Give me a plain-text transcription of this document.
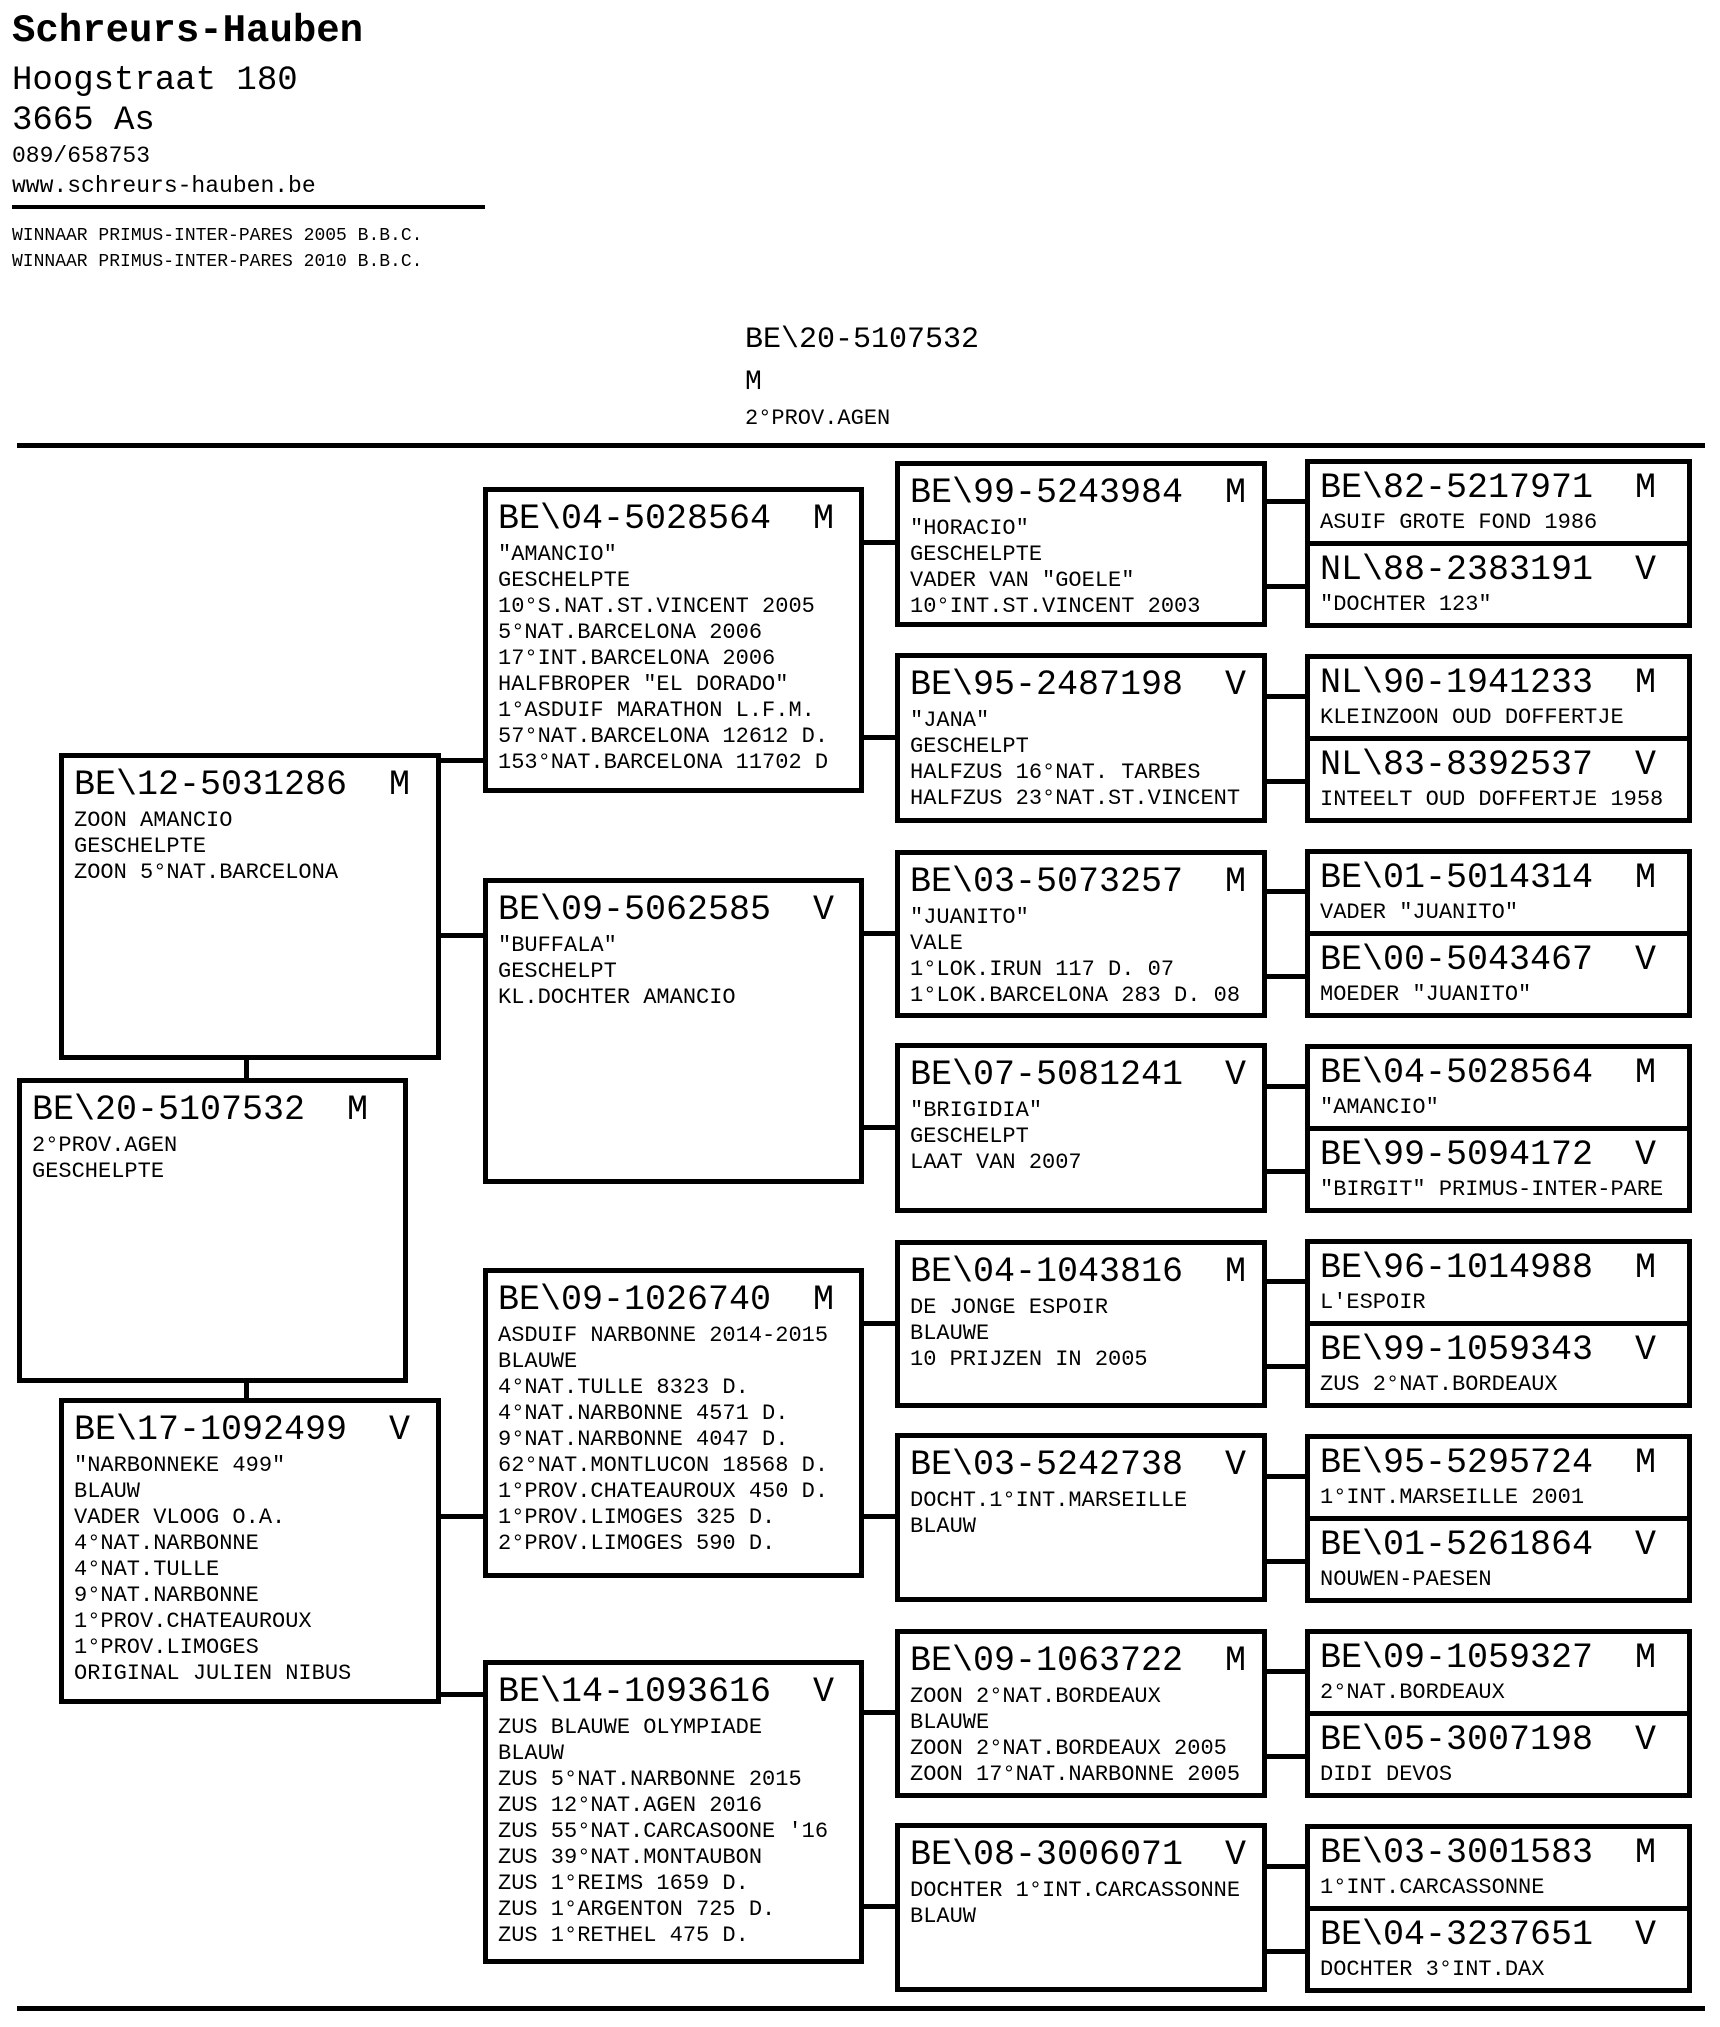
Schreurs-Hauben
Hoogstraat 180
3665 As
089/658753
www.schreurs-hauben.be
WINNAAR PRIMUS-INTER-PARES 2005 B.B.C.
WINNAAR PRIMUS-INTER-PARES 2010 B.B.C.
BE\20-5107532
M
2°PROV.AGEN
BE\20-5107532  M
2°PROV.AGEN
GESCHELPTE
BE\12-5031286  M
ZOON AMANCIO
GESCHELPTE
ZOON 5°NAT.BARCELONA
BE\17-1092499  V
"NARBONNEKE 499"
BLAUW
VADER VLOOG O.A.
4°NAT.NARBONNE
4°NAT.TULLE
9°NAT.NARBONNE
1°PROV.CHATEAUROUX
1°PROV.LIMOGES
ORIGINAL JULIEN NIBUS
BE\04-5028564  M
"AMANCIO"
GESCHELPTE
10°S.NAT.ST.VINCENT 2005
5°NAT.BARCELONA 2006
17°INT.BARCELONA 2006
HALFBROPER "EL DORADO"
1°ASDUIF MARATHON L.F.M.
57°NAT.BARCELONA 12612 D.
153°NAT.BARCELONA 11702 D
BE\09-5062585  V
"BUFFALA"
GESCHELPT
KL.DOCHTER AMANCIO
BE\09-1026740  M
ASDUIF NARBONNE 2014-2015
BLAUWE
4°NAT.TULLE 8323 D.
4°NAT.NARBONNE 4571 D.
9°NAT.NARBONNE 4047 D.
62°NAT.MONTLUCON 18568 D.
1°PROV.CHATEAUROUX 450 D.
1°PROV.LIMOGES 325 D.
2°PROV.LIMOGES 590 D.
BE\14-1093616  V
ZUS BLAUWE OLYMPIADE
BLAUW
ZUS 5°NAT.NARBONNE 2015
ZUS 12°NAT.AGEN 2016
ZUS 55°NAT.CARCASOONE '16
ZUS 39°NAT.MONTAUBON
ZUS 1°REIMS 1659 D.
ZUS 1°ARGENTON 725 D.
ZUS 1°RETHEL 475 D.
BE\99-5243984  M
"HORACIO"
GESCHELPTE
VADER VAN "GOELE"
10°INT.ST.VINCENT 2003
BE\95-2487198  V
"JANA"
GESCHELPT
HALFZUS 16°NAT. TARBES
HALFZUS 23°NAT.ST.VINCENT
BE\03-5073257  M
"JUANITO"
VALE
1°LOK.IRUN 117 D. 07
1°LOK.BARCELONA 283 D. 08
BE\07-5081241  V
"BRIGIDIA"
GESCHELPT
LAAT VAN 2007
BE\04-1043816  M
DE JONGE ESPOIR
BLAUWE
10 PRIJZEN IN 2005
BE\03-5242738  V
DOCHT.1°INT.MARSEILLE
BLAUW
BE\09-1063722  M
ZOON 2°NAT.BORDEAUX
BLAUWE
ZOON 2°NAT.BORDEAUX 2005
ZOON 17°NAT.NARBONNE 2005
BE\08-3006071  V
DOCHTER 1°INT.CARCASSONNE
BLAUW
BE\82-5217971  M
ASUIF GROTE FOND 1986
NL\88-2383191  V
"DOCHTER 123"
NL\90-1941233  M
KLEINZOON OUD DOFFERTJE
NL\83-8392537  V
INTEELT OUD DOFFERTJE 1958
BE\01-5014314  M
VADER "JUANITO"
BE\00-5043467  V
MOEDER "JUANITO"
BE\04-5028564  M
"AMANCIO"
BE\99-5094172  V
"BIRGIT" PRIMUS-INTER-PARE
BE\96-1014988  M
L'ESPOIR
BE\99-1059343  V
ZUS 2°NAT.BORDEAUX
BE\95-5295724  M
1°INT.MARSEILLE 2001
BE\01-5261864  V
NOUWEN-PAESEN
BE\09-1059327  M
2°NAT.BORDEAUX
BE\05-3007198  V
DIDI DEVOS
BE\03-3001583  M
1°INT.CARCASSONNE
BE\04-3237651  V
DOCHTER 3°INT.DAX
